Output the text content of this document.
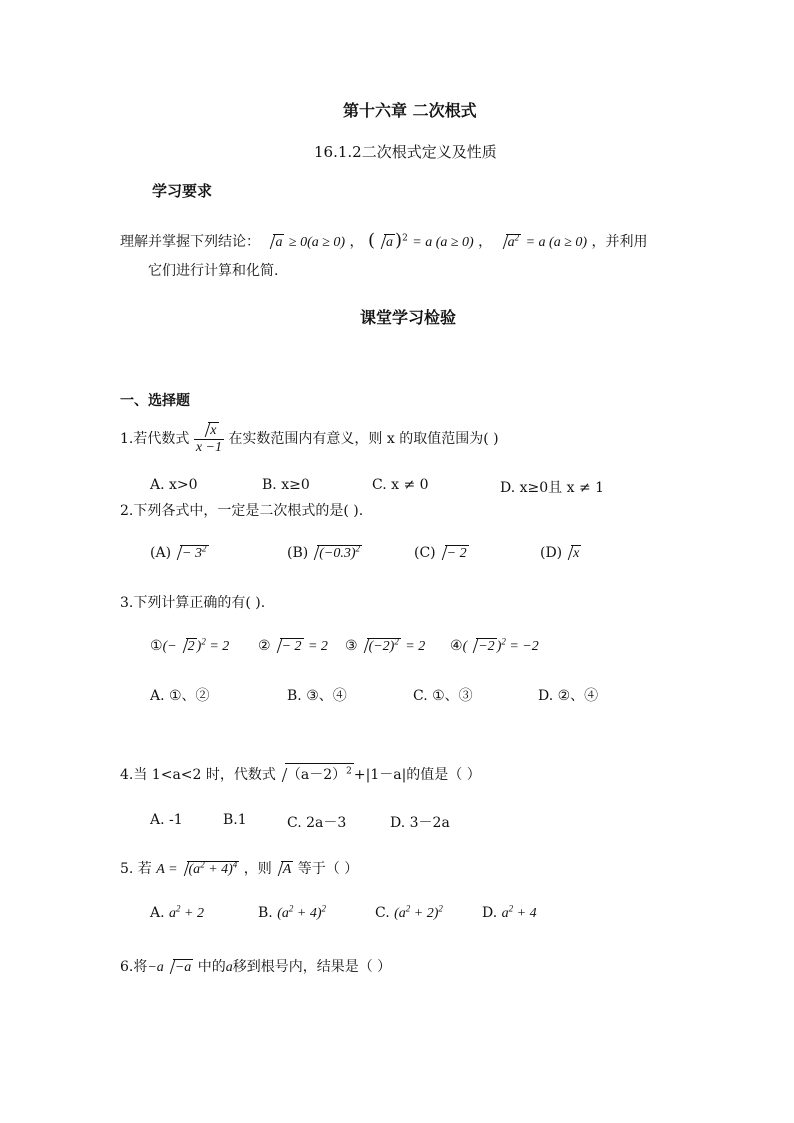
第十六章 二次根式
16.1.2二次根式定义及性质
学习要求
理解并掌握下列结论： a ≥ 0(a ≥ 0) ， ( a )$^2$ = a (a ≥ 0) ， $a^2 = a$ (a ≥ 0) ，并利用
它们进行计算和化简.
课堂学习检验
一、选择题
1.若代数式 $\frac{x}{x -1}$ 在实数范围内有意义，则 x 的取值范围为( )
A. x>0	B. x≥0	C. x ≠ 0	D. x≥0且 x ≠ 1
2.下列各式中，一定是二次根式的是( ).
$(A) - 3^2$	(B) $(-0.3)^2$	(C) − 2	(D) x
3.下列计算正确的有( ).
①(− 2 )$^2$ = 2 ② − 2 = 2 ③ $(-2)^2 = 2$ ④( −2 )$^2$ = −2
A. ①、②	B. ③、④	C. ①、③	D. ②、④
4.当 1<a<2 时，代数式 $(a-2)^2 +|1-a|$的值是（ ）
A. -1	B.1	C. 2a－3	D. 3－2a
5. 若 $A = (a^2 + 4)^4$ ，则 A 等于（ ）
A. $a^2 + 2$	B. $(a^2 + 4)^2$	C. $(a^2 + 2)^2$	D. $a^2 + 4$
6.将−a −a 中的a移到根号内，结果是（ ）
